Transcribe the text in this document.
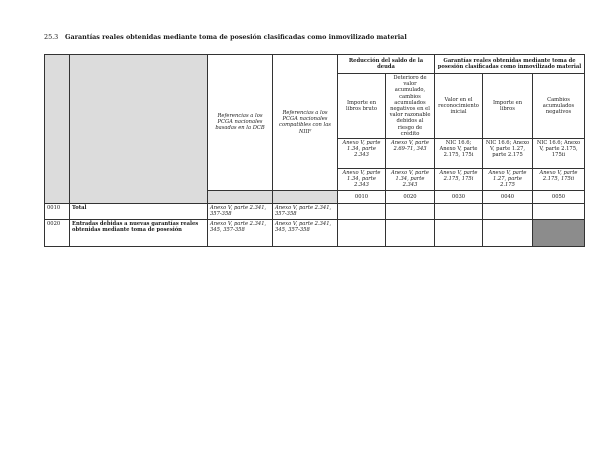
25.3 Garantías reales obtenidas mediante toma de posesión clasificadas como inmovilizado material
		Referencias a los PCGA nacionales basadas en la DCB	Referencias a los PCGA nacionales compatibles con las NIIF	Reducción del saldo de la deuda		Garantías reales obtenidas mediante toma de posesión clasificadas como inmovilizado material		
				Importe en libros bruto	Deterioro de valor acumulado, cambios acumulados negativos en el valor razonable debidos al riesgo de crédito	Valor en el reconocimiento inicial	Importe en libros	Cambios acumulados negativos
				Anexo V, parte 1.34, parte 2.343	Anexo V, parte 2.69-71, 343	NIC 16.6; Anexo V, parte 2.175, 175i	NIC 16.6; Anexo V, parte 1.27, parte 2.175	NIC 16.6; Anexo V, parte 2.175, 175ii
				Anexo V, parte 1.34, parte 2.343	Anexo V, parte 1.34, parte 2.343	Anexo V, parte 2.175, 175i	Anexo V, parte 1.27, parte 2.175	Anexo V, parte 2.175, 175ii
				0010	0020	0030	0040	0050
0010	Total	Anexo V, parte 2.341, 357-358	Anexo V, parte 2.341, 357-358					
0020	Entradas debidas a nuevas garantías reales obtenidas mediante toma de posesión	Anexo V, parte 2.341, 345, 357-358	Anexo V, parte 2.341, 345, 357-358					
